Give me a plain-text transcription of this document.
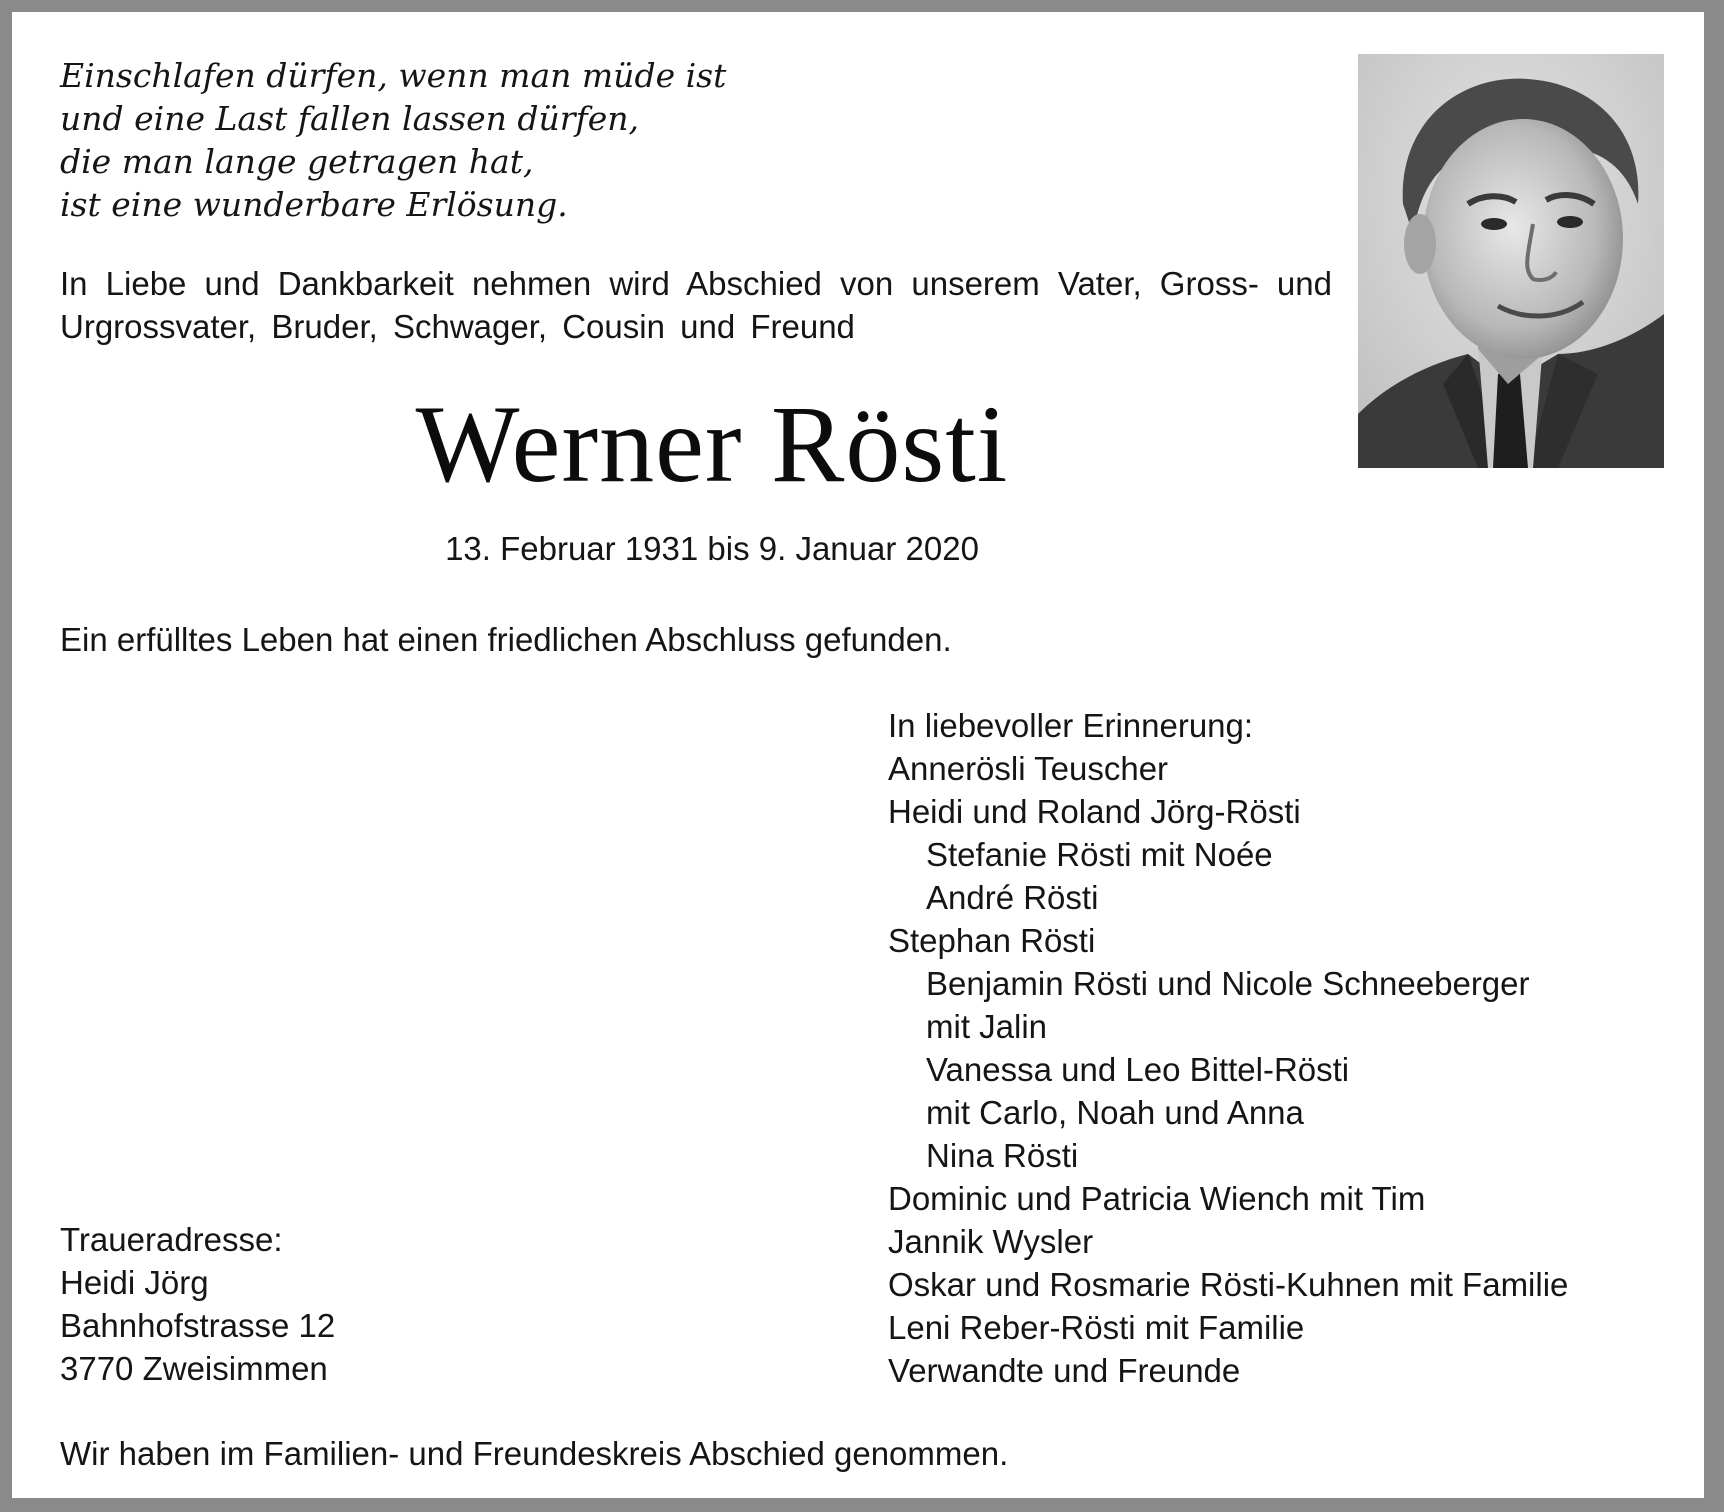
Einschlafen dürfen, wenn man müde ist
und eine Last fallen lassen dürfen,
die man lange getragen hat,
ist eine wunderbare Erlösung.
In Liebe und Dankbarkeit nehmen wird Abschied von unserem Vater, Gross- und Urgrossvater, Bruder, Schwager, Cousin und Freund
Werner Rösti
13. Februar 1931 bis 9. Januar 2020
Ein erfülltes Leben hat einen friedlichen Abschluss gefunden.
In liebevoller Erinnerung:
Annerösli Teuscher
Heidi und Roland Jörg-Rösti
Stefanie Rösti mit Noée
André Rösti
Stephan Rösti
Benjamin Rösti und Nicole Schneeberger
mit Jalin
Vanessa und Leo Bittel-Rösti
mit Carlo, Noah und Anna
Nina Rösti
Dominic und Patricia Wiench mit Tim
Jannik Wysler
Oskar und Rosmarie Rösti-Kuhnen mit Familie
Leni Reber-Rösti mit Familie
Verwandte und Freunde
Traueradresse:
Heidi Jörg
Bahnhofstrasse 12
3770 Zweisimmen
Wir haben im Familien- und Freundeskreis Abschied genommen.
